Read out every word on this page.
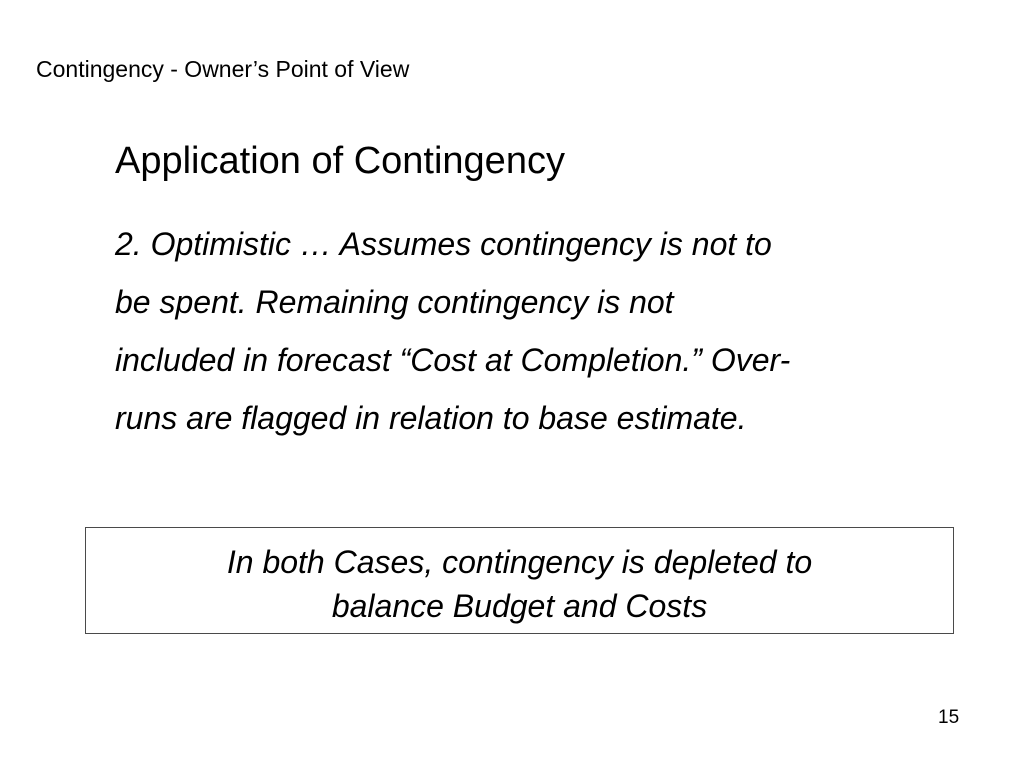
Contingency - Owner’s Point of View
Application of Contingency
2. Optimistic … Assumes contingency is not to
be spent. Remaining contingency is not
included in forecast “Cost at Completion.” Over-
runs are flagged in relation to base estimate.
In both Cases, contingency is depleted to
balance Budget and Costs
15
